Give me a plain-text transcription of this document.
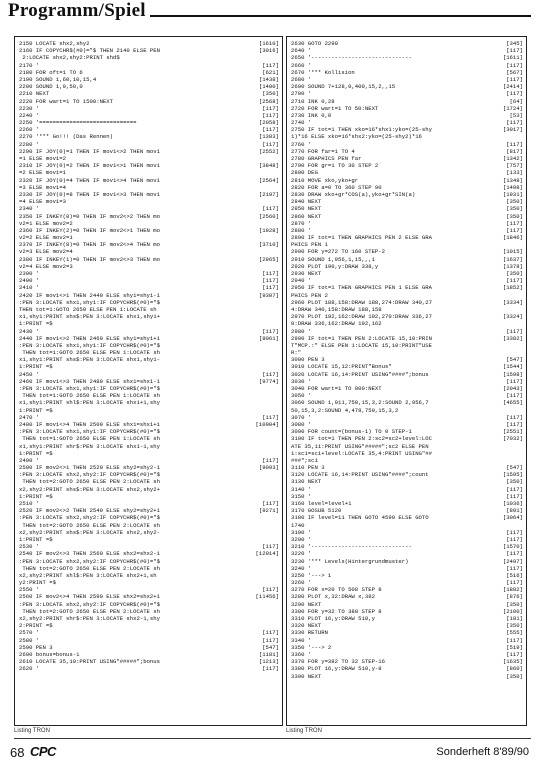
Programm/Spiel
2150 LOCATE shx2,shy2	[1610]
2160 IF COPYCHR$(#0)="$ THEN 2140 ELSE PEN	[3016]
2:LOCATE shx2,shy2:PRINT shd$
2170 '	[117]
2180 FOR oft=1 TO 6	[621]
2190 SOUND 1,60,10,15,4	[1438]
2200 SOUND 1,0,50,0	[1400]
2210 NEXT	[350]
2220 FOR wart=1 TO 1500:NEXT	[2568]
2230 '	[117]
2240 '	[117]
2250 '=============================	[2058]
2260 '	[117]
2270 '*** Go!!! (Das Rennen)	[1383]
2280 '	[117]
2290 IF JOY(0)=1 THEN IF mov1<>2 THEN mov1	[2552]
=1 ELSE mov1=2
2310 IF JOY(0)=2 THEN IF mov1<>1 THEN mov1	[3848]
=2 ELSE mov1=1
2320 IF JOY(0)=4 THEN IF mov1<>4 THEN mov1	[2564]
=3 ELSE mov1=4
2330 IF JOY(0)=8 THEN IF mov1<>3 THEN mov1	[2197]
=4 ELSE mov1=3
2340 '	[117]
2350 IF INKEY(0)=0 THEN IF mov2<>2 THEN mo	[2560]
v2=1 ELSE mov2=2
2360 IF INKEY(2)=0 THEN IF mov2<>1 THEN mo	[1928]
v2=2 ELSE mov2=1
2370 IF INKEY(8)=0 THEN IF mov2<>4 THEN mo	[3710]
v2=3 ELSE mov2=4
2380 IF INKEY(1)=0 THEN IF mov2<>3 THEN mo	[2965]
v2=4 ELSE mov2=3
2390 '	[117]
2400 '	[117]
2410 '	[117]
2420 IF mov1<>1 THEN 2440 ELSE shy1=shy1-1	[9307]
:PEN 3:LOCATE shx1,shy1:IF COPYCHR$(#0)="$
THEN tot=1:GOTO 2650 ELSE PEN 1:LOCATE sh
x1,shy1:PRINT shs$:PEN 3:LOCATE shx1,shy1+
1:PRINT =$
2430 '	[117]
2440 IF mov1<>2 THEN 2460 ELSE shy1=shy1+1	[8061]
:PEN 3:LOCATE shx1,shy1:IF COPYCHR$(#0)="$
THEN tot=1:GOTO 2650 ELSE PEN 1:LOCATE sh
x1,shy1:PRINT shs$:PEN 3:LOCATE shx1,shy1-
1:PRINT =$
2450 '	[117]
2460 IF mov1<>3 THEN 2480 ELSE shx1=shx1-1	[9774]
:PEN 3:LOCATE shx1,shy1:IF COPYCHR$(#0)="$
THEN tot=1:GOTO 2650 ELSE PEN 1:LOCATE sh
x1,shy1:PRINT shl$:PEN 3:LOCATE shx1+1,shy
1:PRINT =$
2470 '	[117]
2480 IF mov1<>4 THEN 2500 ELSE shx1=shx1+1	[10904]
:PEN 3:LOCATE shx1,shy1:IF COPYCHR$(#0)="$
THEN tot=1:GOTO 2650 ELSE PEN 1:LOCATE sh
x1,shy1:PRINT shr$:PEN 3:LOCATE shx1-1,shy
1:PRINT =$
2490 '	[117]
2500 IF mov2<>1 THEN 2520 ELSE shy2=shy2-1	[9093]
:PEN 3:LOCATE shx2,shy2:IF COPYCHR$(#0)="$
THEN tot=2:GOTO 2650 ELSE PEN 2:LOCATE sh
x2,shy2:PRINT shs$:PEN 3:LOCATE shx2,shy2+
1:PRINT =$
2510 '	[117]
2520 IF mov2<>2 THEN 2540 ELSE shy2=shy2+1	[9271]
:PEN 3:LOCATE shx2,shy2:IF COPYCHR$(#0)="$
THEN tot=2:GOTO 2650 ELSE PEN 2:LOCATE sh
x2,shy2:PRINT shs$:PEN 3:LOCATE shx2,shy2-
1:PRINT =$
2530 '	[117]
2540 IF mov2<>3 THEN 2560 ELSE shx2=shx2-1	[12014]
:PEN 3:LOCATE shx2,shy2:IF COPYCHR$(#0)="$
THEN tot=2:GOTO 2650 ELSE PEN 2:LOCATE sh
x2,shy2:PRINT shl$:PEN 3:LOCATE shx2+1,sh
y2:PRINT =$
2550 '	[117]
2560 IF mov2<>4 THEN 2590 ELSE shx2=shx2+1	[11456]
:PEN 3:LOCATE shx2,shy2:IF COPYCHR$(#0)="$
THEN tot=2:GOTO 2650 ELSE PEN 2:LOCATE sh
x2,shy2:PRINT shr$:PEN 3:LOCATE shx2-1,shy
2:PRINT =$
2570 '	[117]
2580 '	[117]
2590 PEN 3	[547]
2600 bonus=bonus-1	[1181]
2610 LOCATE 35,19:PRINT USING"#####";bonus	[1213]
2620 '	[117]
Listing TRON
2630 GOTO 2290	[345]
2640 '	[117]
2650 '------------------------------	[1611]
2660 '	[117]
2670 '*** Kollision	[567]
2680 '	[117]
2690 SOUND 7+128,0,400,15,2,,15	[2414]
2700 '	[117]
2710 INK 0,28	[64]
2720 FOR wart=1 TO 50:NEXT	[1724]
2730 INK 0,0	[53]
2740 '	[117]
2750 IF tot=1 THEN xko=16*shx1:yko=(25-shy	[3017]
1)*16 ELSE xko=16*shx2:yko=(25-shy2)*16
2760 '	[117]
2770 FOR far=1 TO 4	[817]
2780 GRAPHICS PEN far	[1342]
2790 FOR gr=1 TO 30 STEP 2	[757]
2800 DEG	[133]
2810 MOVE xko,yko+gr	[1348]
2820 FOR a=0 TO 360 STEP 90	[1498]
2830 DRAW xko+gr*COS(a),yko+gr*SIN(a)	[1931]
2840 NEXT	[350]
2850 NEXT	[350]
2860 NEXT	[350]
2870 '	[117]
2880 '	[117]
2890 IF tot=1 THEN GRAPHICS PEN 2 ELSE GRA	[1846]
PHICS PEN 1
2900 FOR y=272 TO 160 STEP-2	[1015]
2910 SOUND 1,956,1,15,,,1	[1637]
2920 PLOT 190,y:DRAW 338,y	[1378]
2930 NEXT	[350]
2940 '	[117]
2950 IF tot=1 THEN GRAPHICS PEN 1 ELSE GRA	[1852]
PHICS PEN 2
2960 PLOT 188,158:DRAW 188,274:DRAW 340,27	[3334]
4:DRAW 340,158:DRAW 188,158
2970 PLOT 192,162:DRAW 192,270:DRAW 336,27	[3324]
0:DRAW 336,162:DRAW 192,162
2980 '	[117]
2990 IF tot=1 THEN PEN 2:LOCATE 15,10:PRIN	[3382]
T"MCP.:" ELSE PEN 1:LOCATE 15,10:PRINT"USE
R:"
3000 PEN 3	[547]
3010 LOCATE 15,12:PRINT"Bonus"	[1544]
3020 LOCATE 16,14:PRINT USING"####";bonus	[1598]
3030 '	[117]
3040 FOR wart=1 TO 800:NEXT	[2043]
3050 '	[117]
3060 SOUND 1,911,750,15,3,2:SOUND 2,956,7	[4655]
50,15,3,2:SOUND 4,478,750,15,3,2
3070 '	[117]
3080 '	[117]
3090 FOR count=(bonus-1) TO 0 STEP-1	[2551]
3100 IF tot=1 THEN PEN 2:sc2=sc2+level:LOC	[7032]
ATE 35,11:PRINT USING"#####";sc2 ELSE PEN
1:sc1=sc1+level:LOCATE 35,4:PRINT USING"##
###";sc1
3110 PEN 3	[547]
3120 LOCATE 16,14:PRINT USING"####";count	[1595]
3130 NEXT	[350]
3140 '	[117]
3150 '	[117]
3160 level=level+1	[1036]
3170 GOSUB 5120	[891]
3180 IF level=11 THEN GOTO 4590 ELSE GOTO	[3064]
1740
3190 '	[117]
3200 '	[117]
3210 '------------------------------	[1570]
3220 '	[117]
3230 '*** Levels(Hintergrundmuster)	[2497]
3240 '	[117]
3250 '---> 1	[516]
3260 '	[117]
3270 FOR x=20 TO 508 STEP 8	[1882]
3280 PLOT x,32:DRAW x,382	[876]
3290 NEXT	[350]
3300 FOR y=32 TO 380 STEP 8	[2100]
3310 PLOT 16,y:DRAW 510,y	[181]
3320 NEXT	[350]
3330 RETURN	[555]
3340 '	[117]
3350 '---> 2	[519]
3360 '	[117]
3370 FOR y=382 TO 32 STEP-16	[1635]
3380 PLOT 16,y:DRAW 510,y-8	[860]
3390 NEXT	[350]
Listing TRON
68 CPC	Sonderheft 8'89/90
